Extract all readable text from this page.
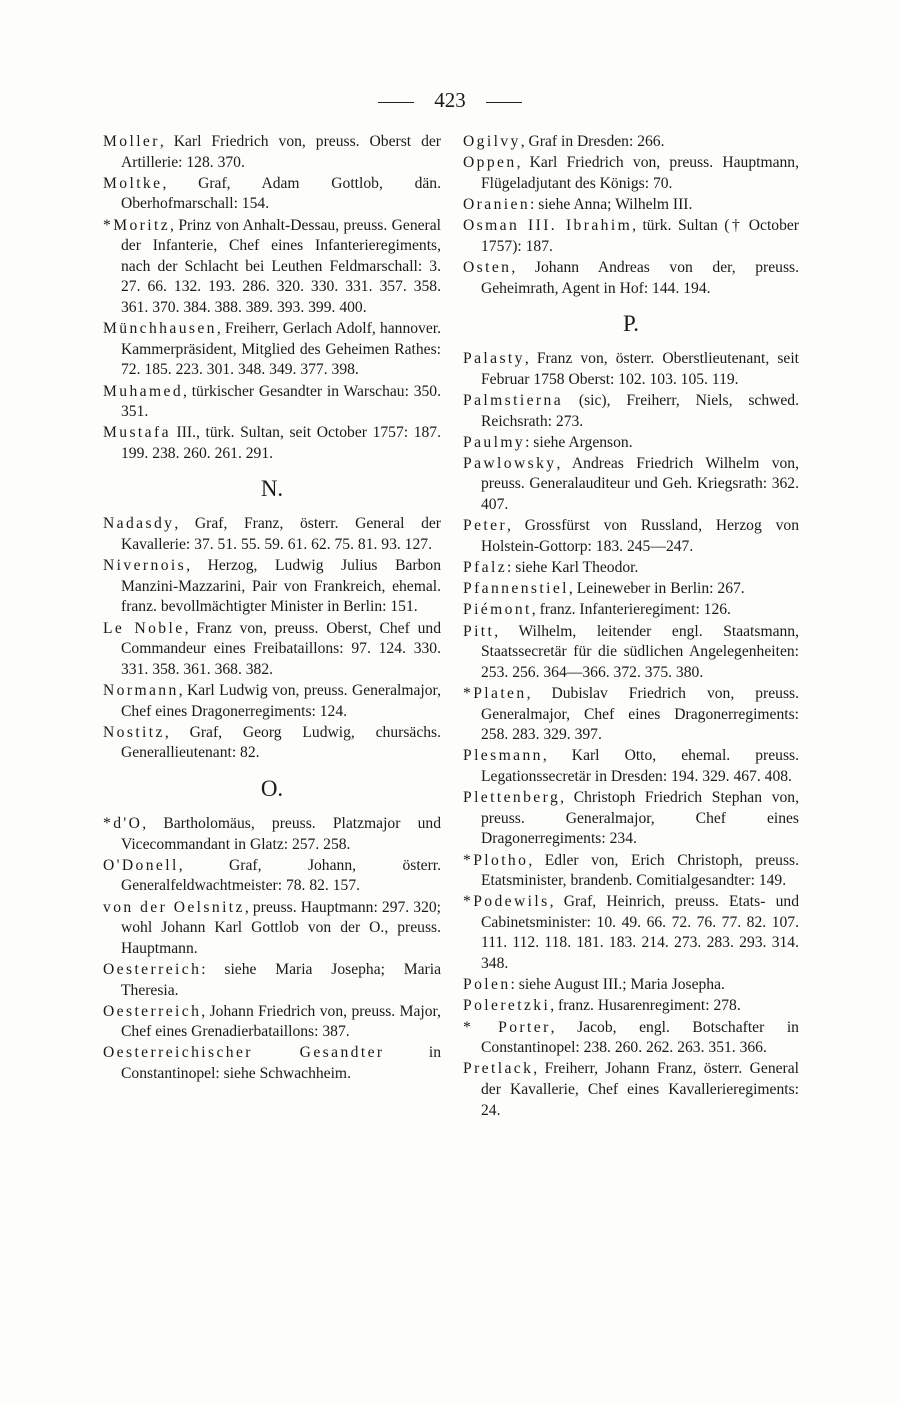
423
Moller, Karl Friedrich von, preuss. Oberst der Artillerie: 128. 370.
Moltke, Graf, Adam Gottlob, dän. Oberhofmarschall: 154.
*Moritz, Prinz von Anhalt-Dessau, preuss. General der Infanterie, Chef eines Infanterieregiments, nach der Schlacht bei Leuthen Feldmarschall: 3. 27. 66. 132. 193. 286. 320. 330. 331. 357. 358. 361. 370. 384. 388. 389. 393. 399. 400.
Münchhausen, Freiherr, Gerlach Adolf, hannover. Kammerpräsident, Mitglied des Geheimen Rathes: 72. 185. 223. 301. 348. 349. 377. 398.
Muhamed, türkischer Gesandter in Warschau: 350. 351.
Mustafa III., türk. Sultan, seit October 1757: 187. 199. 238. 260. 261. 291.
N.
Nadasdy, Graf, Franz, österr. General der Kavallerie: 37. 51. 55. 59. 61. 62. 75. 81. 93. 127.
Nivernois, Herzog, Ludwig Julius Barbon Manzini-Mazzarini, Pair von Frankreich, ehemal. franz. bevollmächtigter Minister in Berlin: 151.
Le Noble, Franz von, preuss. Oberst, Chef und Commandeur eines Freibataillons: 97. 124. 330. 331. 358. 361. 368. 382.
Normann, Karl Ludwig von, preuss. Generalmajor, Chef eines Dragonerregiments: 124.
Nostitz, Graf, Georg Ludwig, chursächs. Generallieutenant: 82.
O.
*d'O, Bartholomäus, preuss. Platzmajor und Vicecommandant in Glatz: 257. 258.
O'Donell, Graf, Johann, österr. Generalfeldwachtmeister: 78. 82. 157.
von der Oelsnitz, preuss. Hauptmann: 297. 320; wohl Johann Karl Gottlob von der O., preuss. Hauptmann.
Oesterreich: siehe Maria Josepha; Maria Theresia.
Oesterreich, Johann Friedrich von, preuss. Major, Chef eines Grenadierbataillons: 387.
Oesterreichischer Gesandter in Constantinopel: siehe Schwachheim.
Ogilvy, Graf in Dresden: 266.
Oppen, Karl Friedrich von, preuss. Hauptmann, Flügeladjutant des Königs: 70.
Oranien: siehe Anna; Wilhelm III.
Osman III. Ibrahim, türk. Sultan († October 1757): 187.
Osten, Johann Andreas von der, preuss. Geheimrath, Agent in Hof: 144. 194.
P.
Palasty, Franz von, österr. Oberstlieutenant, seit Februar 1758 Oberst: 102. 103. 105. 119.
Palmstierna (sic), Freiherr, Niels, schwed. Reichsrath: 273.
Paulmy: siehe Argenson.
Pawlowsky, Andreas Friedrich Wilhelm von, preuss. Generalauditeur und Geh. Kriegsrath: 362. 407.
Peter, Grossfürst von Russland, Herzog von Holstein-Gottorp: 183. 245—247.
Pfalz: siehe Karl Theodor.
Pfannenstiel, Leineweber in Berlin: 267.
Piémont, franz. Infanterieregiment: 126.
Pitt, Wilhelm, leitender engl. Staatsmann, Staatssecretär für die südlichen Angelegenheiten: 253. 256. 364—366. 372. 375. 380.
*Platen, Dubislav Friedrich von, preuss. Generalmajor, Chef eines Dragonerregiments: 258. 283. 329. 397.
Plesmann, Karl Otto, ehemal. preuss. Legationssecretär in Dresden: 194. 329. 467. 408.
Plettenberg, Christoph Friedrich Stephan von, preuss. Generalmajor, Chef eines Dragonerregiments: 234.
*Plotho, Edler von, Erich Christoph, preuss. Etatsminister, brandenb. Comitialgesandter: 149.
*Podewils, Graf, Heinrich, preuss. Etats- und Cabinetsminister: 10. 49. 66. 72. 76. 77. 82. 107. 111. 112. 118. 181. 183. 214. 273. 283. 293. 314. 348.
Polen: siehe August III.; Maria Josepha.
Poleretzki, franz. Husarenregiment: 278.
* Porter, Jacob, engl. Botschafter in Constantinopel: 238. 260. 262. 263. 351. 366.
Pretlack, Freiherr, Johann Franz, österr. General der Kavallerie, Chef eines Kavallerieregiments: 24.
